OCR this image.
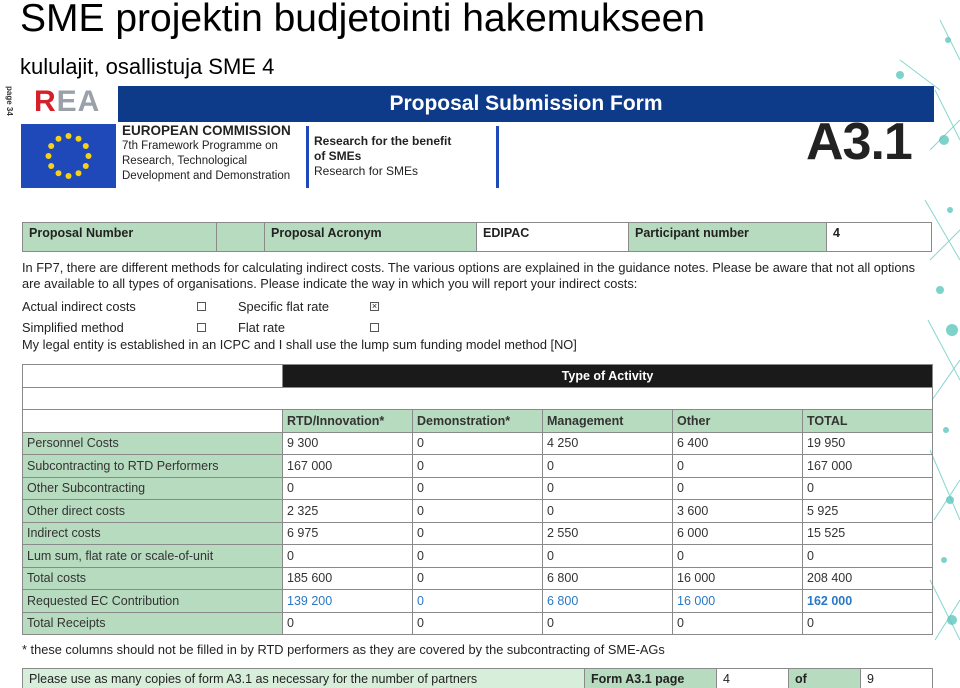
SME projektin budjetointi hakemukseen
kululajit, osallistuja SME 4
page 34 REA	Proposal Submission Form
EUROPEAN COMMISSION
7th Framework Programme on
Research, Technological
Development and Demonstration
Research for the benefit
of SMEs
Research for SMEs	A3.1
Proposal Number		Proposal Acronym	EDIPAC	Participant number	4
In FP7, there are different methods for calculating indirect costs. The various options are explained in the guidance notes. Please be aware that not all options are available to all types of organisations. Please indicate the way in which you will report your indirect costs:
Actual indirect costs	Specific flat rate	×
Simplified method	Flat rate
My legal entity is established in an ICPC and I shall use the lump sum funding model method [NO]
	Type of Activity				

	RTD/Innovation*	Demonstration*	Management	Other	TOTAL
Personnel Costs	9 300	0	4 250	6 400	19 950
Subcontracting to RTD Performers	167 000	0	0	0	167 000
Other Subcontracting	0	0	0	0	0
Other direct costs	2 325	0	0	3 600	5 925
Indirect costs	6 975	0	2 550	6 000	15 525
Lum sum, flat rate or scale-of-unit	0	0	0	0	0
Total costs	185 600	0	6 800	16 000	208 400
Requested EC Contribution	139 200	0	6 800	16 000	162 000
Total Receipts	0	0	0	0	0
* these columns should not be filled in by RTD performers as they are covered by the subcontracting of SME-AGs
Please use as many copies of form A3.1 as necessary for the number of partners	Form A3.1 page	4	of	9
